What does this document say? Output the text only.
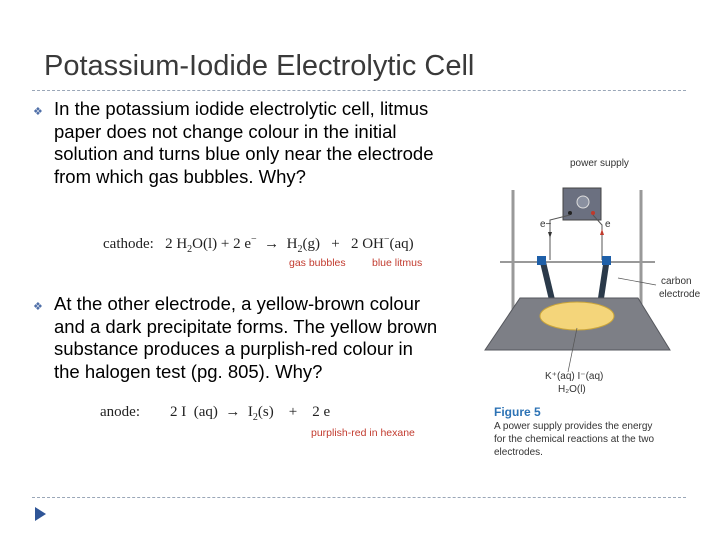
Potassium-Iodide Electrolytic Cell
❖ In the potassium iodide electrolytic cell, litmus
paper does not change colour in the initial
solution and turns blue only near the electrode
from which gas bubbles. Why?
cathode: 2 $H_2O(l) + 2$ $e^- \to H_2(g) + 2$ OH−(aq)
gas bubbles	blue litmus
❖ At the other electrode, a yellow-brown colour
and a dark precipitate forms. The yellow brown
substance produces a purplish-red colour in
the halogen test (pg. 805). Why?
anode: 2 I $(aq) \to I_2(s) + 2$ e
purplish-red in hexane
power supply
e−	e
carbon
electrode
K⁺(aq) I⁻(aq)
H₂O(l)
Figure 5
A power supply provides the energy
for the chemical reactions at the two
electrodes.
